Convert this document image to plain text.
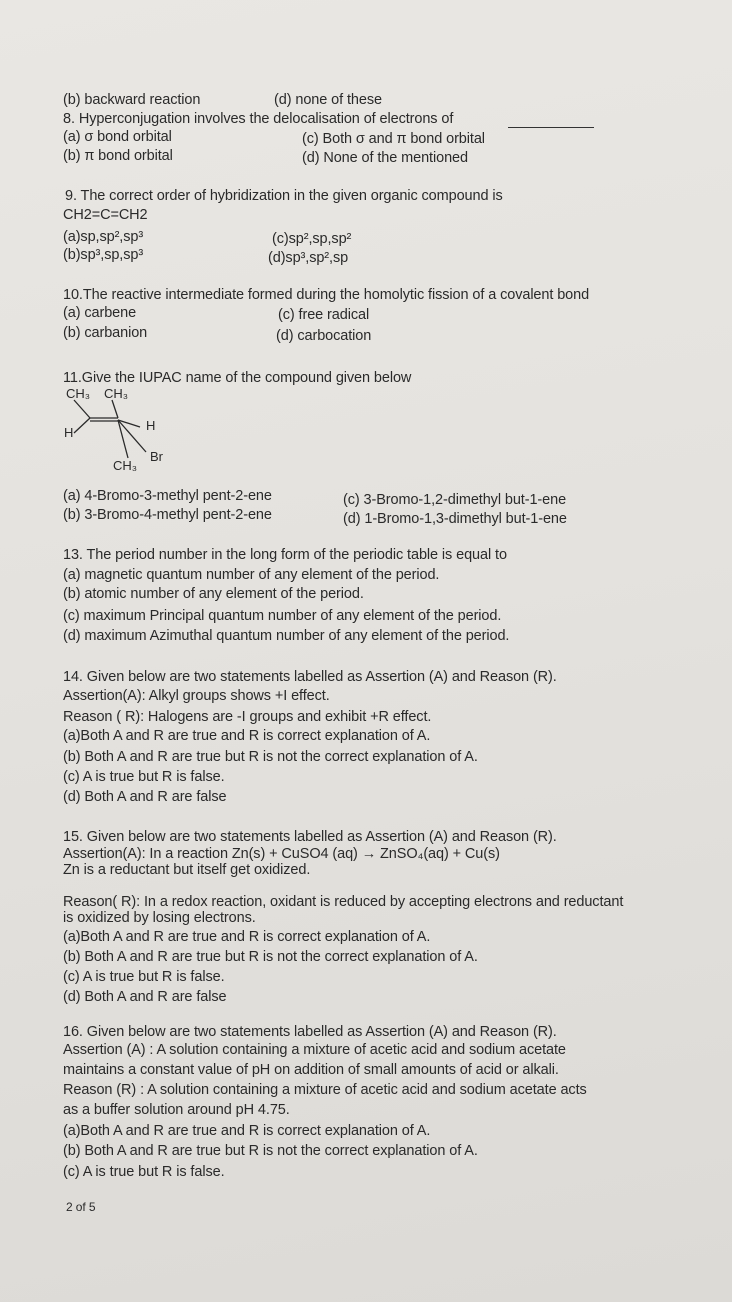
(b) backward reaction	(d) none of these
8. Hyperconjugation involves the delocalisation of electrons of
(a) σ bond orbital	(c) Both σ and π bond orbital
(b) π bond orbital	(d) None of the mentioned
9. The correct order of hybridization in the given organic compound is
CH2=C=CH2
(a)sp,sp²,sp³	(c)sp²,sp,sp²
(b)sp³,sp,sp³	(d)sp³,sp²,sp
10.The reactive intermediate formed during the homolytic fission of a covalent bond
(a) carbene	(c) free radical
(b) carbanion	(d) carbocation
11.Give the IUPAC name of the compound given below
CH₃ CH₃
H	H
CH₃
Br
(a) 4-Bromo-3-methyl pent-2-ene	(c) 3-Bromo-1,2-dimethyl but-1-ene
(b) 3-Bromo-4-methyl pent-2-ene	(d) 1-Bromo-1,3-dimethyl but-1-ene
13. The period number in the long form of the periodic table is equal to
(a) magnetic quantum number of any element of the period.
(b) atomic number of any element of the period.
(c) maximum Principal quantum number of any element of the period.
(d) maximum Azimuthal quantum number of any element of the period.
14. Given below are two statements labelled as Assertion (A) and Reason (R).
Assertion(A): Alkyl groups shows +I effect.
Reason ( R): Halogens are -I groups and exhibit +R effect.
(a)Both A and R are true and R is correct explanation of A.
(b) Both A and R are true but R is not the correct explanation of A.
(c) A is true but R is false.
(d) Both A and R are false
15. Given below are two statements labelled as Assertion (A) and Reason (R).
Assertion(A): In a reaction Zn(s) + CuSO4 (aq) → ZnSO₄(aq) + Cu(s)
Zn is a reductant but itself get oxidized.
Reason( R): In a redox reaction, oxidant is reduced by accepting electrons and reductant
is oxidized by losing electrons.
(a)Both A and R are true and R is correct explanation of A.
(b) Both A and R are true but R is not the correct explanation of A.
(c) A is true but R is false.
(d) Both A and R are false
16. Given below are two statements labelled as Assertion (A) and Reason (R).
Assertion (A) : A solution containing a mixture of acetic acid and sodium acetate
maintains a constant value of pH on addition of small amounts of acid or alkali.
Reason (R) : A solution containing a mixture of acetic acid and sodium acetate acts
as a buffer solution around pH 4.75.
(a)Both A and R are true and R is correct explanation of A.
(b) Both A and R are true but R is not the correct explanation of A.
(c) A is true but R is false.
2 of 5
